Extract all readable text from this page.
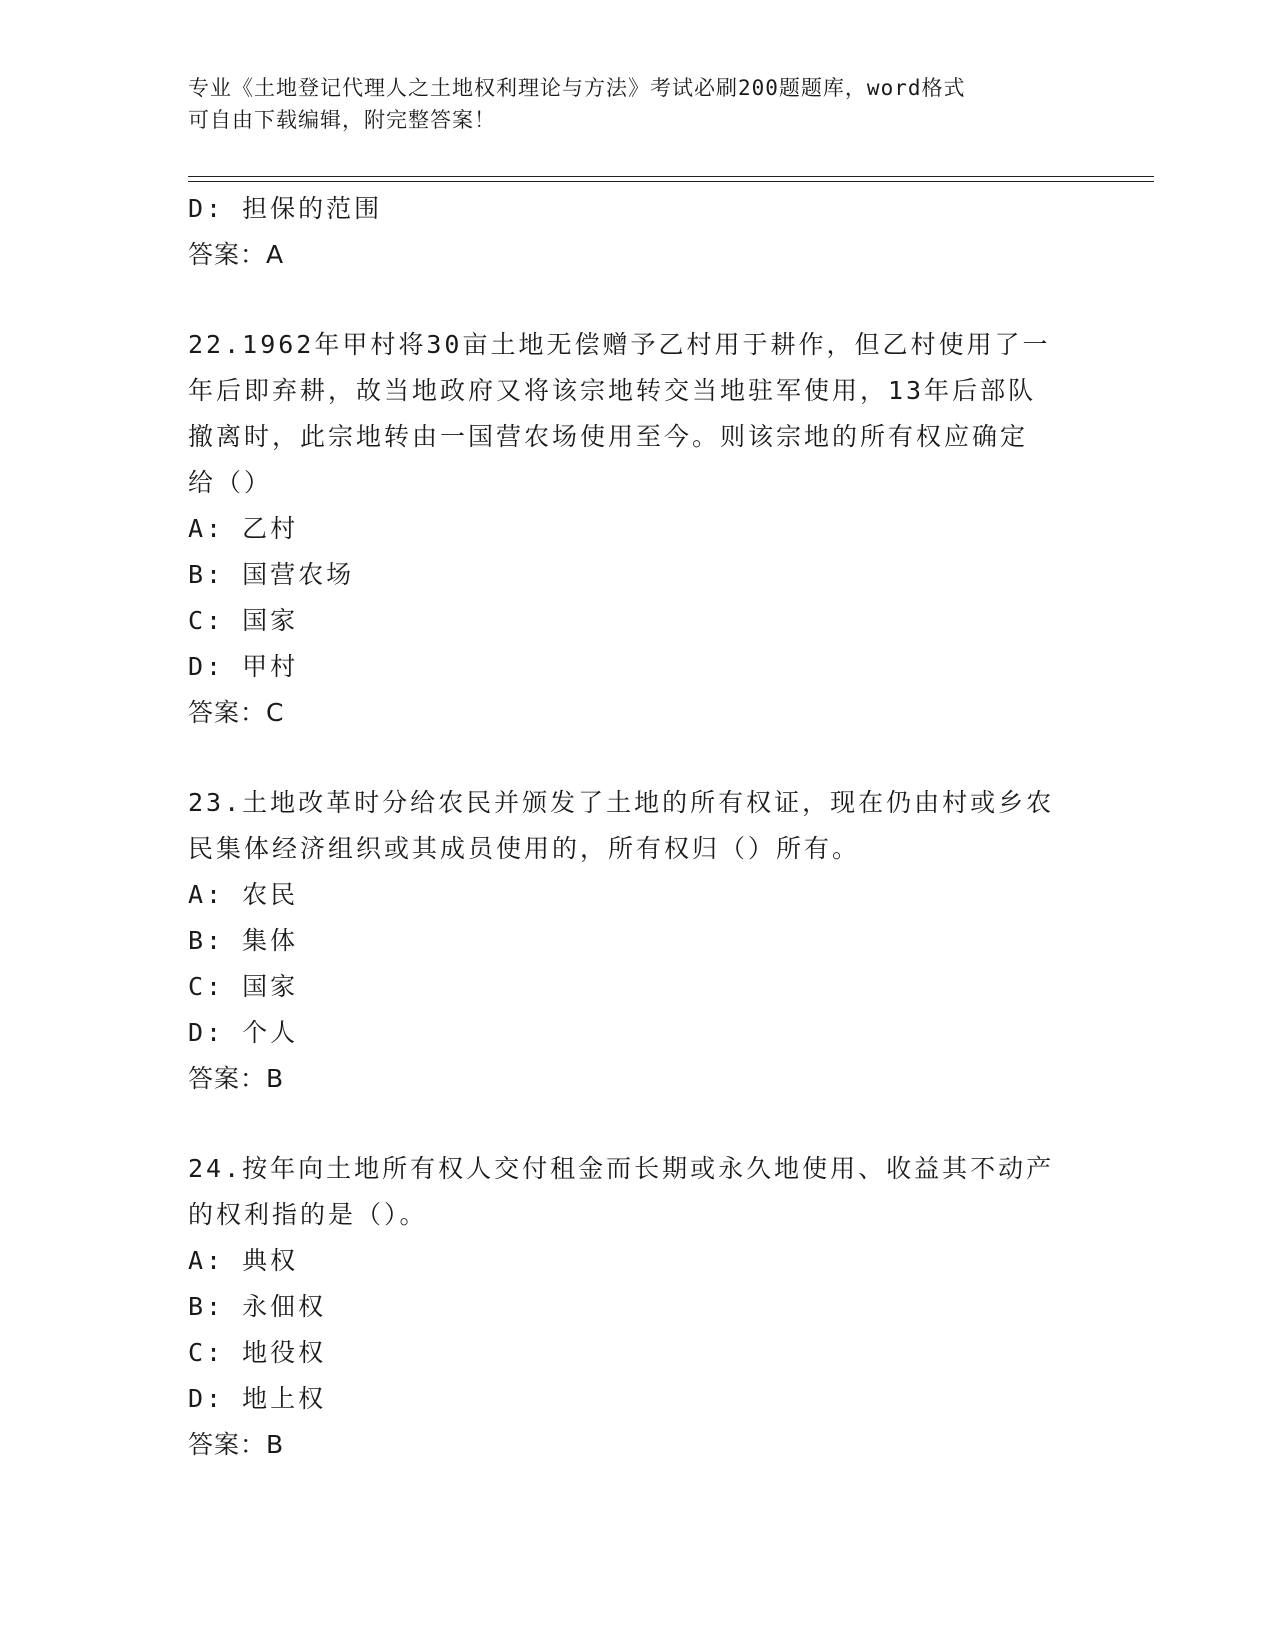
专业《土地登记代理人之土地权利理论与方法》考试必刷200题题库，word格式
可自由下载编辑，附完整答案！
D: 担保的范围
答案：A
22.1962年甲村将30亩土地无偿赠予乙村用于耕作，但乙村使用了一
年后即弃耕，故当地政府又将该宗地转交当地驻军使用，13年后部队
撤离时，此宗地转由一国营农场使用至今。则该宗地的所有权应确定
给（）
A: 乙村
B: 国营农场
C: 国家
D: 甲村
答案：C
23.土地改革时分给农民并颁发了土地的所有权证，现在仍由村或乡农
民集体经济组织或其成员使用的，所有权归（）所有。
A: 农民
B: 集体
C: 国家
D: 个人
答案：B
24.按年向土地所有权人交付租金而长期或永久地使用、收益其不动产
的权利指的是（）。
A: 典权
B: 永佃权
C: 地役权
D: 地上权
答案：B
